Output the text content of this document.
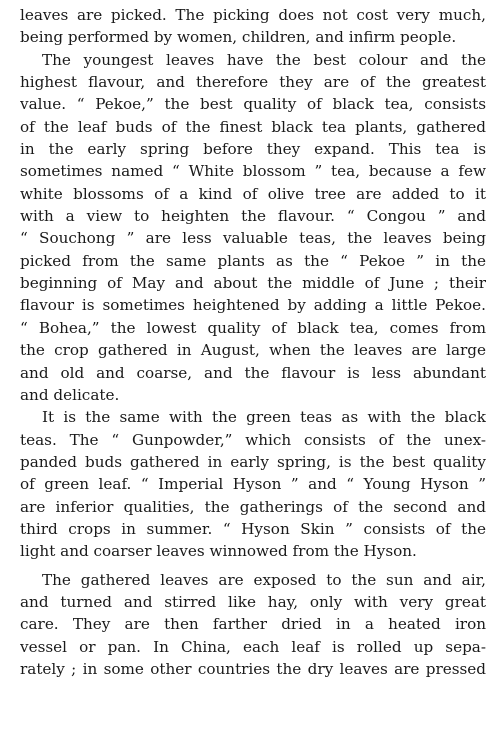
leaves are picked. The picking does not cost very much,
being performed by women, children, and infirm people.
The youngest leaves have the best colour and the
highest flavour, and therefore they are of the greatest
value. “ Pekoe,” the best quality of black tea, consists
of the leaf buds of the finest black tea plants, gathered
in the early spring before they expand. This tea is
sometimes named “ White blossom ” tea, because a few
white blossoms of a kind of olive tree are added to it
with a view to heighten the flavour. “ Congou ” and
“ Souchong ” are less valuable teas, the leaves being
picked from the same plants as the “ Pekoe ” in the
beginning of May and about the middle of June ; their
flavour is sometimes heightened by adding a little Pekoe.
“ Bohea,” the lowest quality of black tea, comes from
the crop gathered in August, when the leaves are large
and old and coarse, and the flavour is less abundant
and delicate.
It is the same with the green teas as with the black
teas. The “ Gunpowder,” which consists of the unex-
panded buds gathered in early spring, is the best quality
of green leaf. “ Imperial Hyson ” and “ Young Hyson ”
are inferior qualities, the gatherings of the second and
third crops in summer. “ Hyson Skin ” consists of the
light and coarser leaves winnowed from the Hyson.
The gathered leaves are exposed to the sun and air,
and turned and stirred like hay, only with very great
care. They are then farther dried in a heated iron
vessel or pan. In China, each leaf is rolled up sepa-
rately ; in some other countries the dry leaves are pressed
